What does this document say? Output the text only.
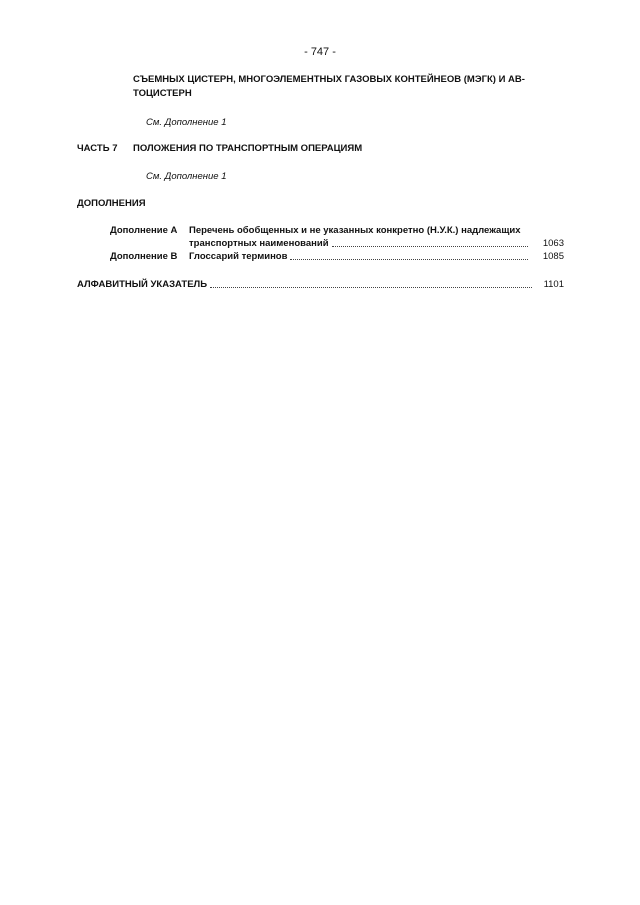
- 747 -
СЪЕМНЫХ ЦИСТЕРН, МНОГОЭЛЕМЕНТНЫХ ГАЗОВЫХ КОНТЕЙНЕОВ (МЭГК) И АВ-
ТОЦИСТЕРН
См. Дополнение 1
ЧАСТЬ 7 ПОЛОЖЕНИЯ ПО ТРАНСПОРТНЫМ ОПЕРАЦИЯМ
См. Дополнение 1
ДОПОЛНЕНИЯ
Дополнение A Перечень обобщенных и не указанных конкретно (Н.У.К.) надлежащих
транспортных наименований	1063
Дополнение B Глоссарий терминов	1085
АЛФАВИТНЫЙ УКАЗАТЕЛЬ	1101
